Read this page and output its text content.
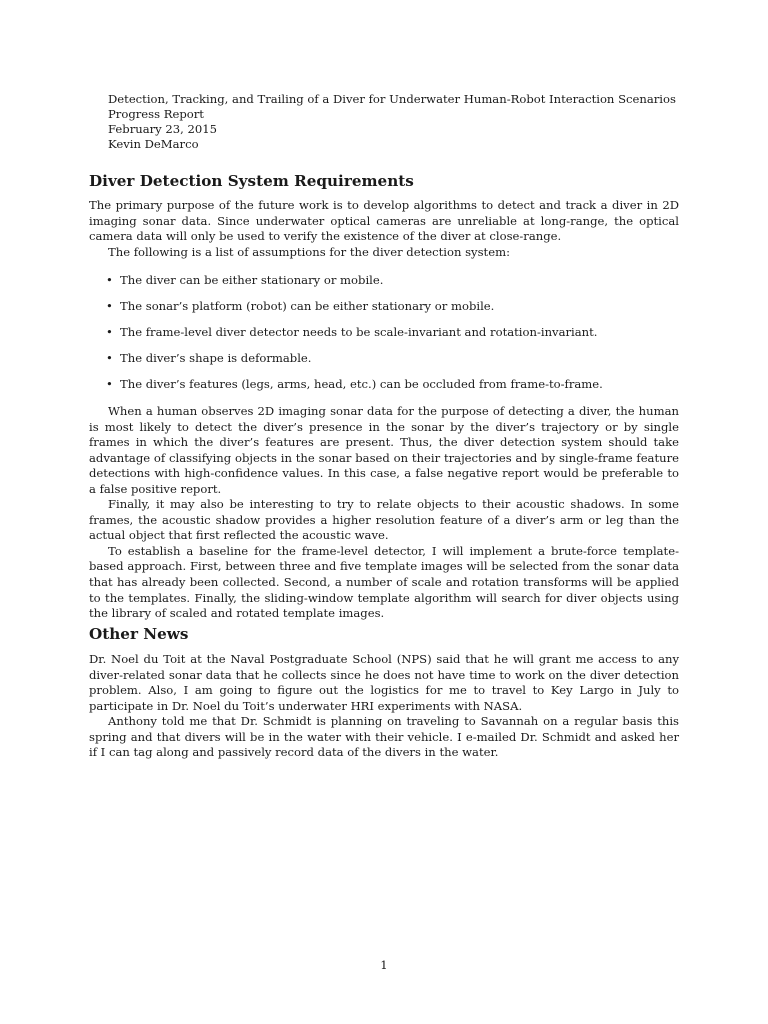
Detection, Tracking, and Trailing of a Diver for Underwater Human-Robot Interaction Scenarios
Progress Report
February 23, 2015
Kevin DeMarco
Diver Detection System Requirements

The primary purpose of the future work is to develop algorithms to detect and track a diver in 2D imaging sonar data. Since underwater optical cameras are unreliable at long-range, the optical camera data will only be used to verify the existence of the diver at close-range.

The following is a list of assumptions for the diver detection system:

• The diver can be either stationary or mobile.
• The sonar’s platform (robot) can be either stationary or mobile.
• The frame-level diver detector needs to be scale-invariant and rotation-invariant.
• The diver’s shape is deformable.
• The diver’s features (legs, arms, head, etc.) can be occluded from frame-to-frame.

When a human observes 2D imaging sonar data for the purpose of detecting a diver, the human is most likely to detect the diver’s presence in the sonar by the diver’s trajectory or by single frames in which the diver’s features are present. Thus, the diver detection system should take advantage of classifying objects in the sonar based on their trajectories and by single-frame feature detections with high-confidence values. In this case, a false negative report would be preferable to a false positive report.

Finally, it may also be interesting to try to relate objects to their acoustic shadows. In some frames, the acoustic shadow provides a higher resolution feature of a diver’s arm or leg than the actual object that first reflected the acoustic wave.

To establish a baseline for the frame-level detector, I will implement a brute-force template-based approach. First, between three and five template images will be selected from the sonar data that has already been collected. Second, a number of scale and rotation transforms will be applied to the templates. Finally, the sliding-window template algorithm will search for diver objects using the library of scaled and rotated template images.

Other News

Dr. Noel du Toit at the Naval Postgraduate School (NPS) said that he will grant me access to any diver-related sonar data that he collects since he does not have time to work on the diver detection problem. Also, I am going to figure out the logistics for me to travel to Key Largo in July to participate in Dr. Noel du Toit’s underwater HRI experiments with NASA.

Anthony told me that Dr. Schmidt is planning on traveling to Savannah on a regular basis this spring and that divers will be in the water with their vehicle. I e-mailed Dr. Schmidt and asked her if I can tag along and passively record data of the divers in the water.

1
